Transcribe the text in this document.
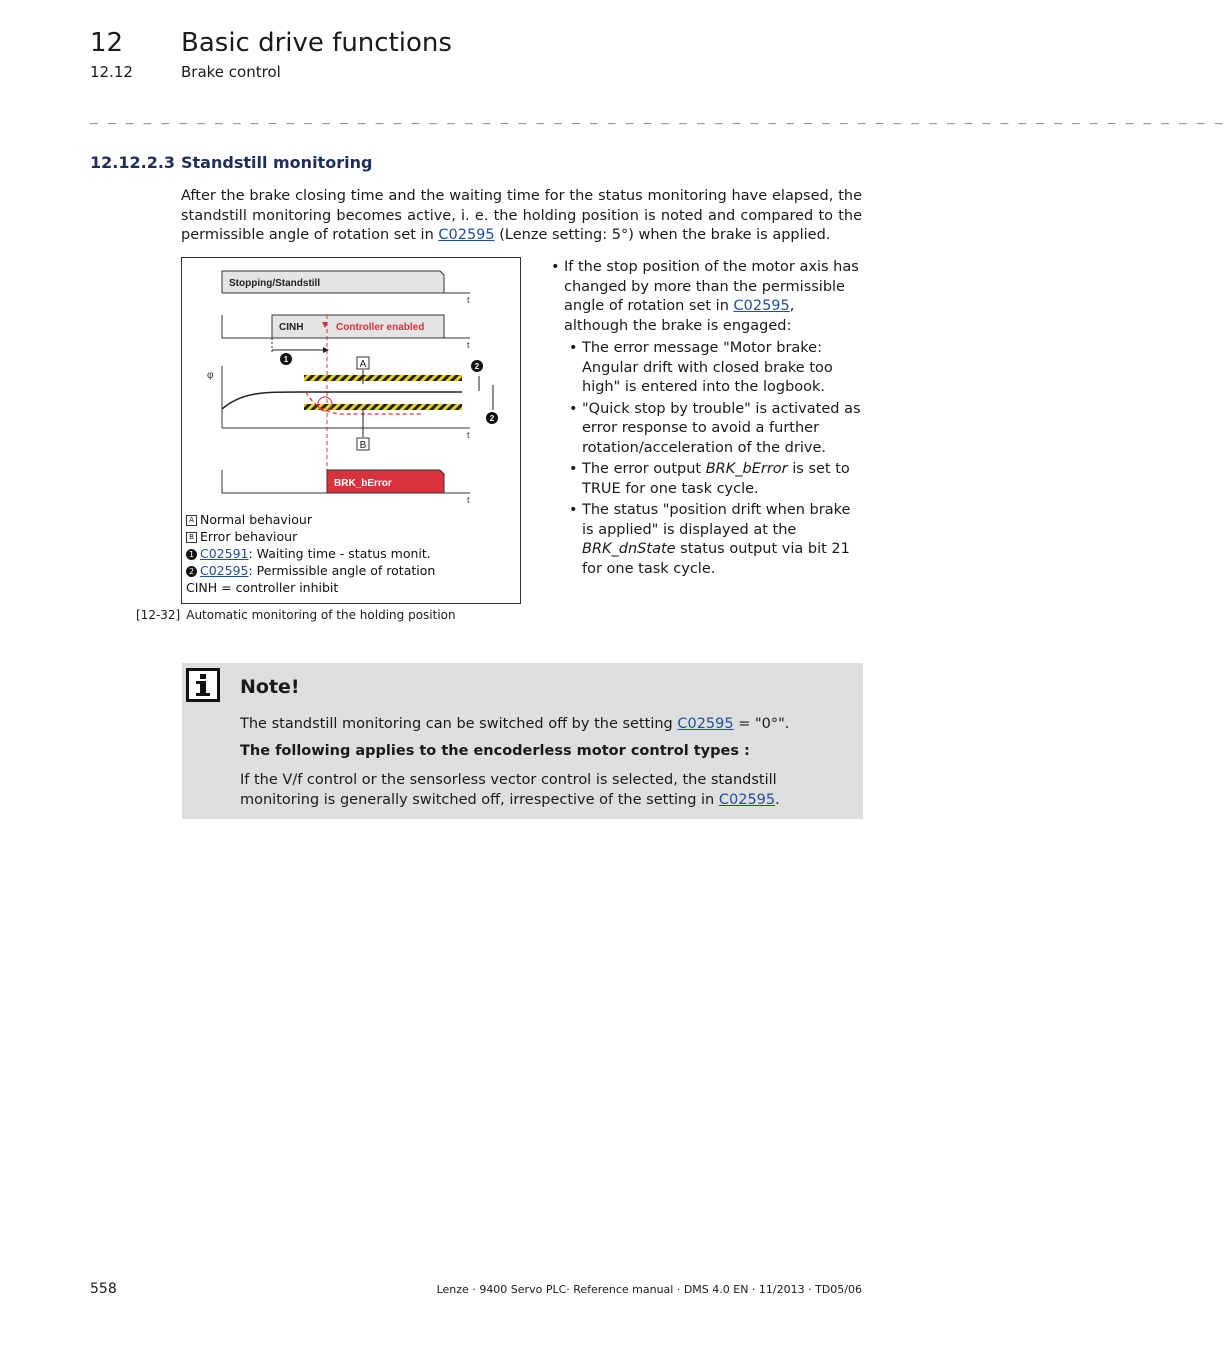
12 Basic drive functions
12.12	Brake control
_ _ _ _ _ _ _ _ _ _ _ _ _ _ _ _ _ _ _ _ _ _ _ _ _ _ _ _ _ _ _ _ _ _ _ _ _ _ _ _ _ _ _ _ _ _ _ _ _ _ _ _ _ _ _ _ _ _ _ _ _ _ _ _
12.12.2.3 Standstill monitoring
After the brake closing time and the waiting time for the status monitoring have elapsed, the standstill monitoring becomes active, i. e. the holding position is noted and compared to the permissible angle of rotation set in C02595 (Lenze setting: 5°) when the brake is applied.
Stopping/Standstill
t
CINH	Controller enabled
t
1
φ
t
A
B
2
2
BRK_bError
t
A Normal behaviour
B Error behaviour
1 C02591: Waiting time - status monit.
2 C02595: Permissible angle of rotation
CINH = controller inhibit
[12-32] Automatic monitoring of the holding position
• If the stop position of the motor axis has changed by more than the permissible angle of rotation set in C02595, although the brake is engaged:
• The error message "Motor brake: Angular drift with closed brake too high" is entered into the logbook.
• "Quick stop by trouble" is activated as error response to avoid a further rotation/acceleration of the drive.
• The error output BRK_bError is set to TRUE for one task cycle.
• The status "position drift when brake is applied" is displayed at the BRK_dnState status output via bit 21 for one task cycle.
Note!
The standstill monitoring can be switched off by the setting C02595 = "0°".
The following applies to the encoderless motor control types :
If the V/f control or the sensorless vector control is selected, the standstill monitoring is generally switched off, irrespective of the setting in C02595.
558	Lenze · 9400 Servo PLC· Reference manual · DMS 4.0 EN · 11/2013 · TD05/06
